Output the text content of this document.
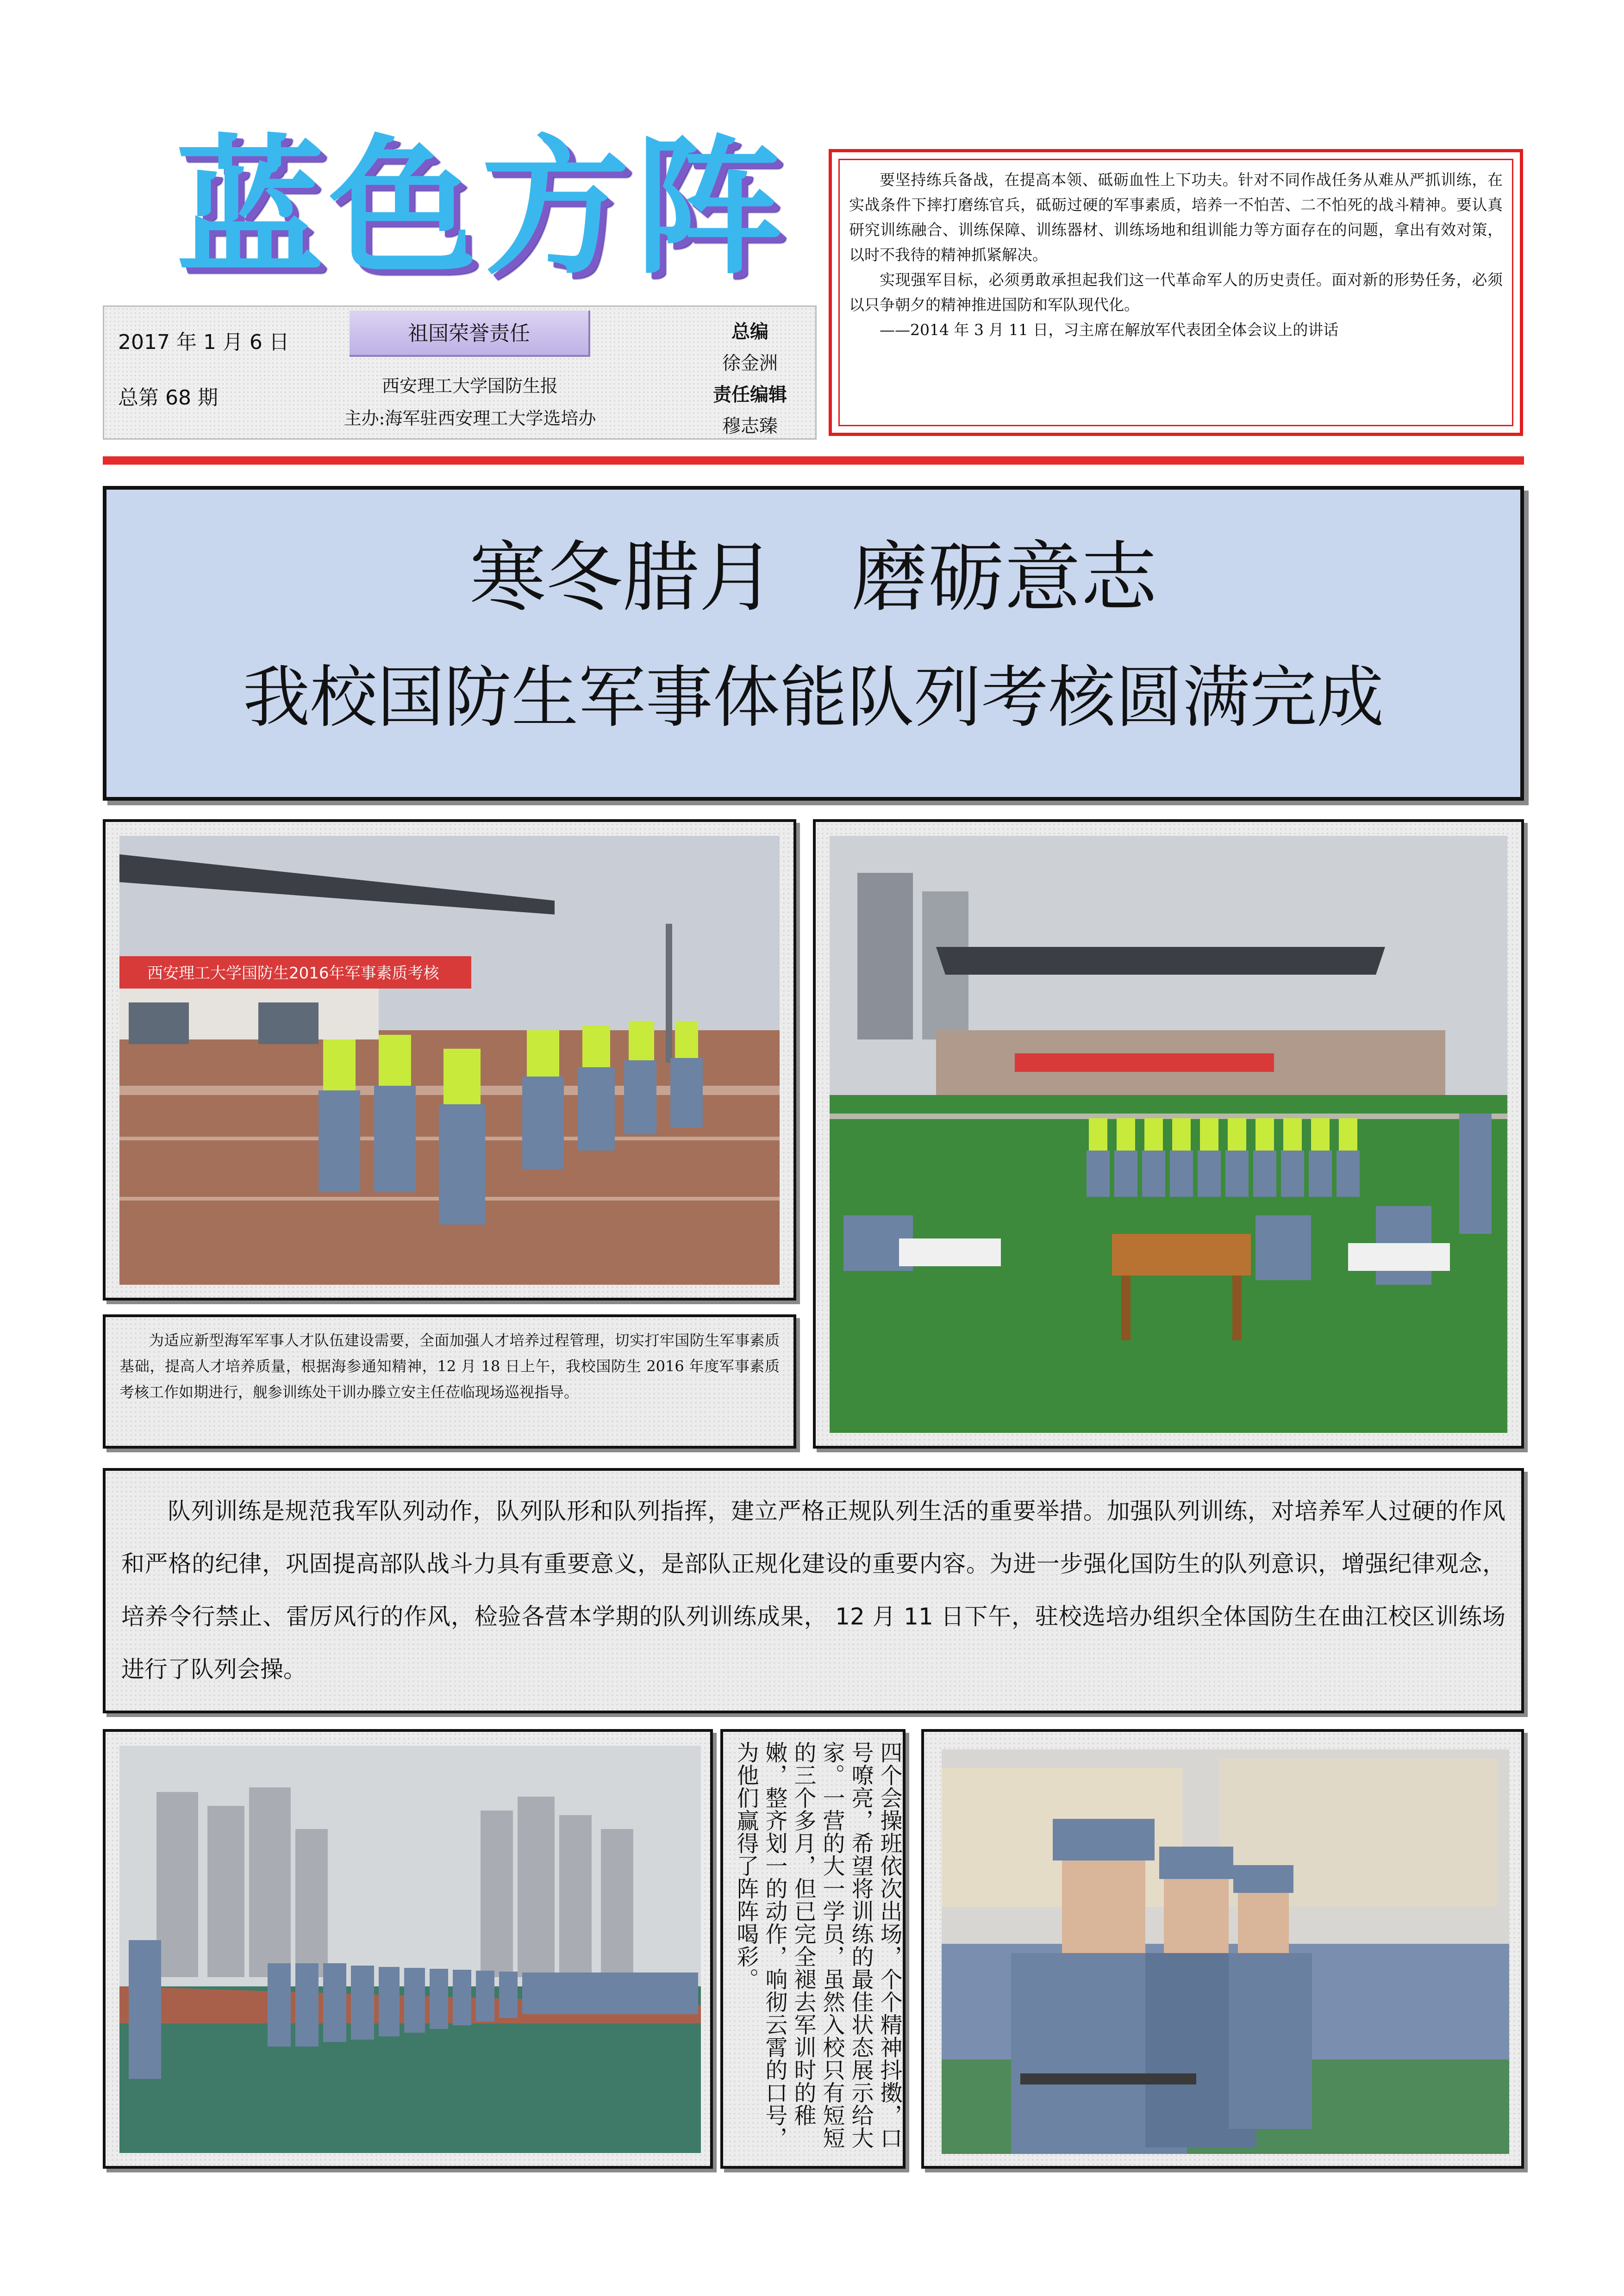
蓝色方阵
2017 年 1 月 6 日
总第 68 期
祖国荣誉责任
西安理工大学国防生报
主办:海军驻西安理工大学选培办
总编
徐金洲
责任编辑
穆志臻

要坚持练兵备战，在提高本领、砥砺血性上下功夫。针对不同作战任务从难从严抓训练，在实战条件下摔打磨练官兵，砥砺过硬的军事素质，培养一不怕苦、二不怕死的战斗精神。要认真研究训练融合、训练保障、训练器材、训练场地和组训能力等方面存在的问题，拿出有效对策，以时不我待的精神抓紧解决。

实现强军目标，必须勇敢承担起我们这一代革命军人的历史责任。面对新的形势任务，必须以只争朝夕的精神推进国防和军队现代化。

——2014 年 3 月 11 日，习主席在解放军代表团全体会议上的讲话

寒冬腊月　磨砺意志
我校国防生军事体能队列考核圆满完成
西安理工大学国防生2016年军事素质考核
为适应新型海军军事人才队伍建设需要，全面加强人才培养过程管理，切实打牢国防生军事素质基础，提高人才培养质量，根据海参通知精神，12 月 18 日上午，我校国防生 2016 年度军事素质考核工作如期进行，舰参训练处干训办滕立安主任莅临现场巡视指导。
队列训练是规范我军队列动作，队列队形和队列指挥，建立严格正规队列生活的重要举措。加强队列训练，对培养军人过硬的作风和严格的纪律，巩固提高部队战斗力具有重要意义，是部队正规化建设的重要内容。为进一步强化国防生的队列意识，增强纪律观念，培养令行禁止、雷厉风行的作风，检验各营本学期的队列训练成果， 12 月 11 日下午，驻校选培办组织全体国防生在曲江校区训练场进行了队列会操。
四个会操班依次出场，个个精神抖擞，口号嘹亮，希望将训练的最佳状态展示给大家。一营的大一学员，虽然入校只有短短的三个多月，但已完全褪去军训时的稚嫩，整齐划一的动作，响彻云霄的口号，为他们赢得了阵阵喝彩。
